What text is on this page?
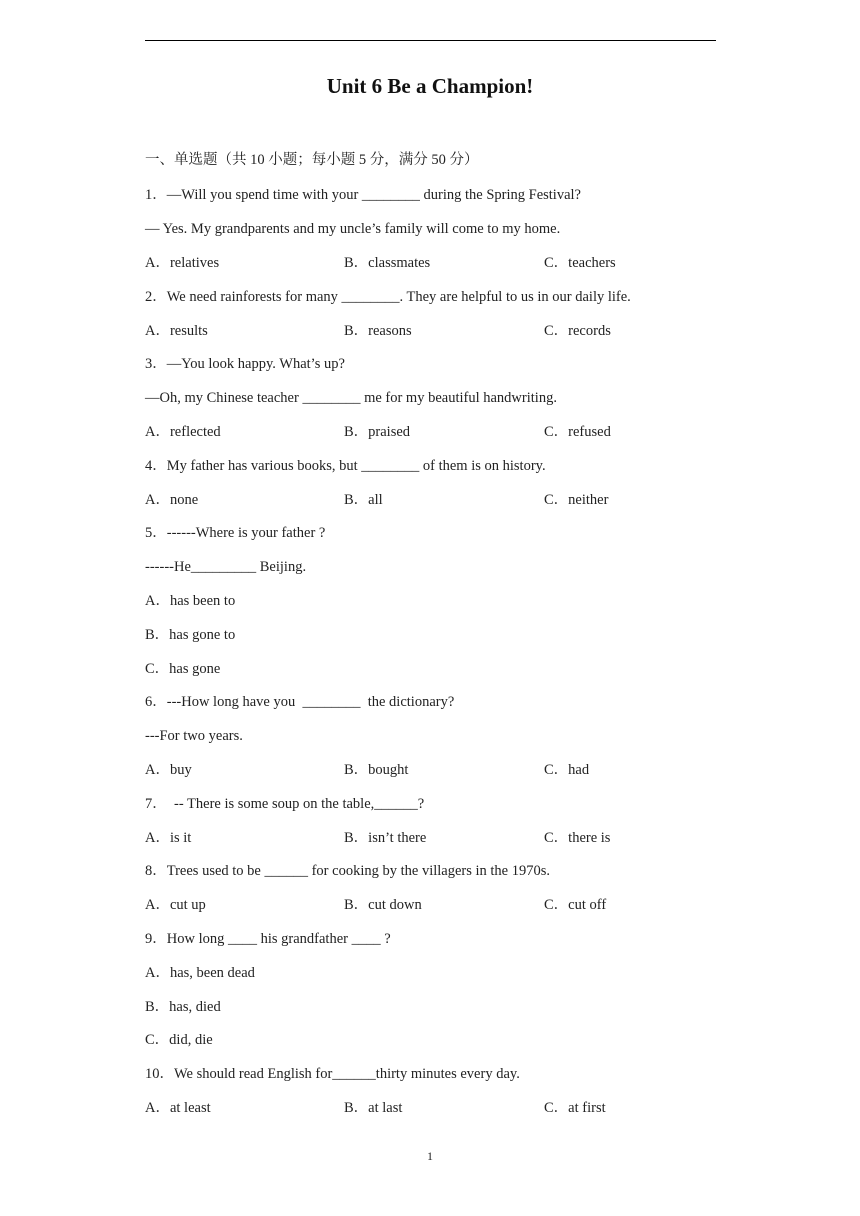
Unit 6 Be a Champion!
一、单选题（共 10 小题；每小题 5 分，满分 50 分）
1．—Will you spend time with your ________ during the Spring Festival?
— Yes. My grandparents and my uncle’s family will come to my home.
A．relatives	B．classmates	C．teachers
2．We need rainforests for many ________. They are helpful to us in our daily life.
A．results	B．reasons	C．records
3．—You look happy. What’s up?
—Oh, my Chinese teacher ________ me for my beautiful handwriting.
A．reflected	B．praised	C．refused
4．My father has various books, but ________ of them is on history.
A．none	B．all	C．neither
5．------Where is your father ?
------He_________ Beijing.
A．has been to
B．has gone to
C．has gone
6．---How long have you  ________  the dictionary?
---For two years.
A．buy	B．bought	C．had
7．  -- There is some soup on the table,______?
A．is it	B．isn’t there	C．there is
8．Trees used to be ______ for cooking by the villagers in the 1970s.
A．cut up	B．cut down	C．cut off
9．How long ____ his grandfather ____ ?
A．has, been dead
B．has, died
C．did, die
10．We should read English for______thirty minutes every day.
A．at least	B．at last	C．at first
1
